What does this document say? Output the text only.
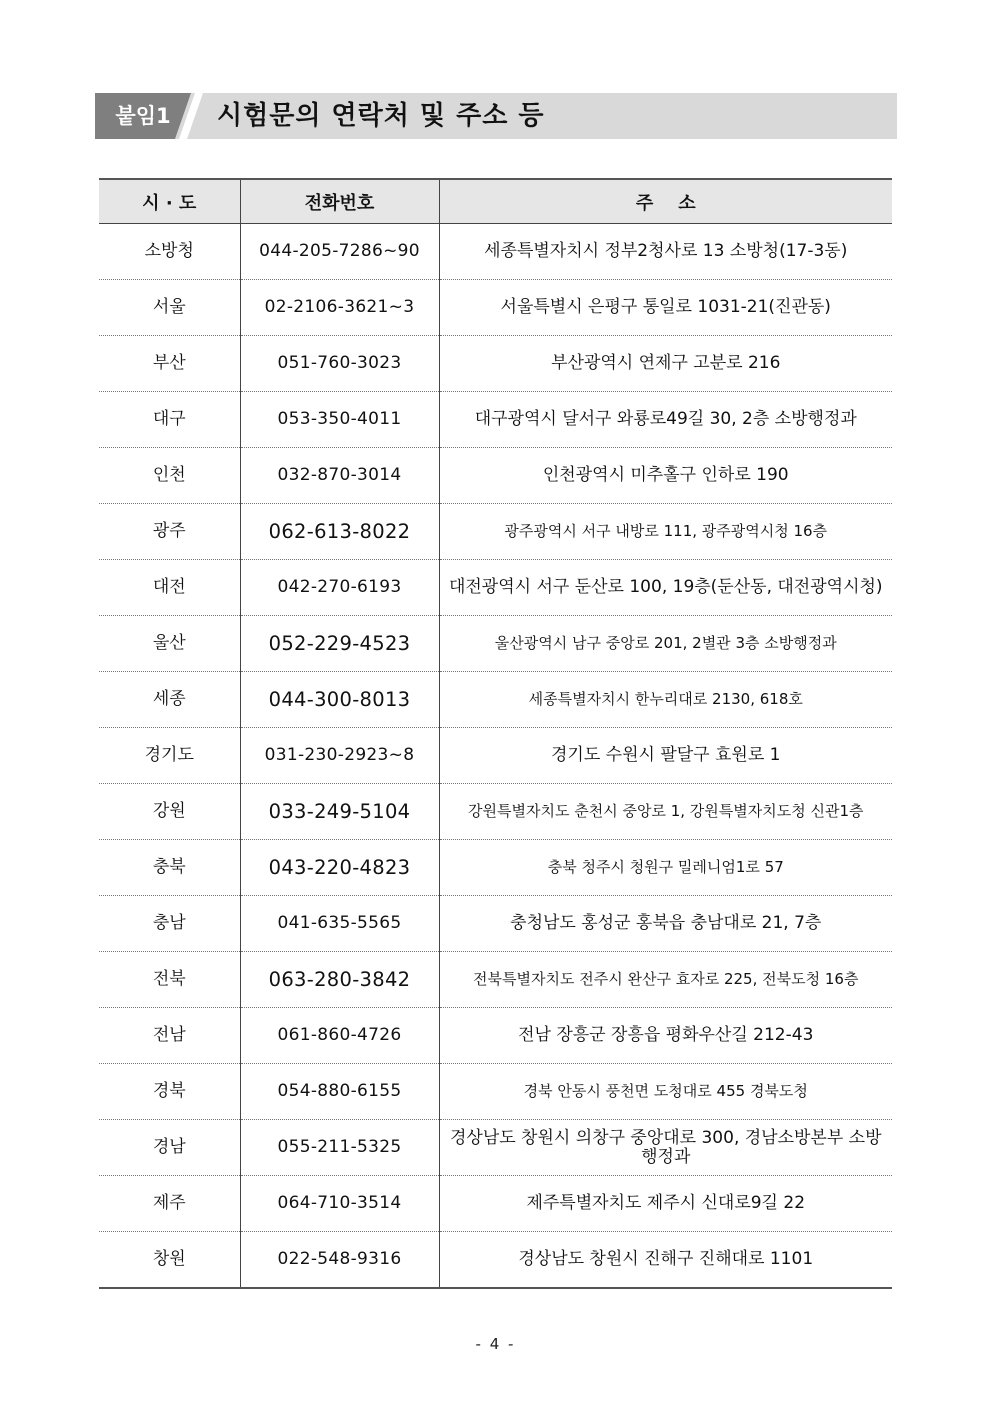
붙임1	시험문의 연락처 및 주소 등
시 · 도	전화번호	주    소
소방청	044-205-7286~90	세종특별자치시 정부2청사로 13 소방청(17-3동)
서울	02-2106-3621~3	서울특별시 은평구 통일로 1031-21(진관동)
부산	051-760-3023	부산광역시 연제구 고분로 216
대구	053-350-4011	대구광역시 달서구 와룡로49길 30, 2층 소방행정과
인천	032-870-3014	인천광역시 미추홀구 인하로 190
광주	062-613-8022	광주광역시 서구 내방로 111, 광주광역시청 16층
대전	042-270-6193	대전광역시 서구 둔산로 100, 19층(둔산동, 대전광역시청)
울산	052-229-4523	울산광역시 남구 중앙로 201, 2별관 3층 소방행정과
세종	044-300-8013	세종특별자치시 한누리대로 2130, 618호
경기도	031-230-2923~8	경기도 수원시 팔달구 효원로 1
강원	033-249-5104	강원특별자치도 춘천시 중앙로 1, 강원특별자치도청 신관1층
충북	043-220-4823	충북 청주시 청원구 밀레니엄1로 57
충남	041-635-5565	충청남도 홍성군 홍북읍 충남대로 21, 7층
전북	063-280-3842	전북특별자치도 전주시 완산구 효자로 225, 전북도청 16층
전남	061-860-4726	전남 장흥군 장흥읍 평화우산길 212-43
경북	054-880-6155	경북 안동시 풍천면 도청대로 455 경북도청
경남	055-211-5325	경상남도 창원시 의창구 중앙대로 300, 경남소방본부 소방행정과
제주	064-710-3514	제주특별자치도 제주시 신대로9길 22
창원	022-548-9316	경상남도 창원시 진해구 진해대로 1101
- 4 -
